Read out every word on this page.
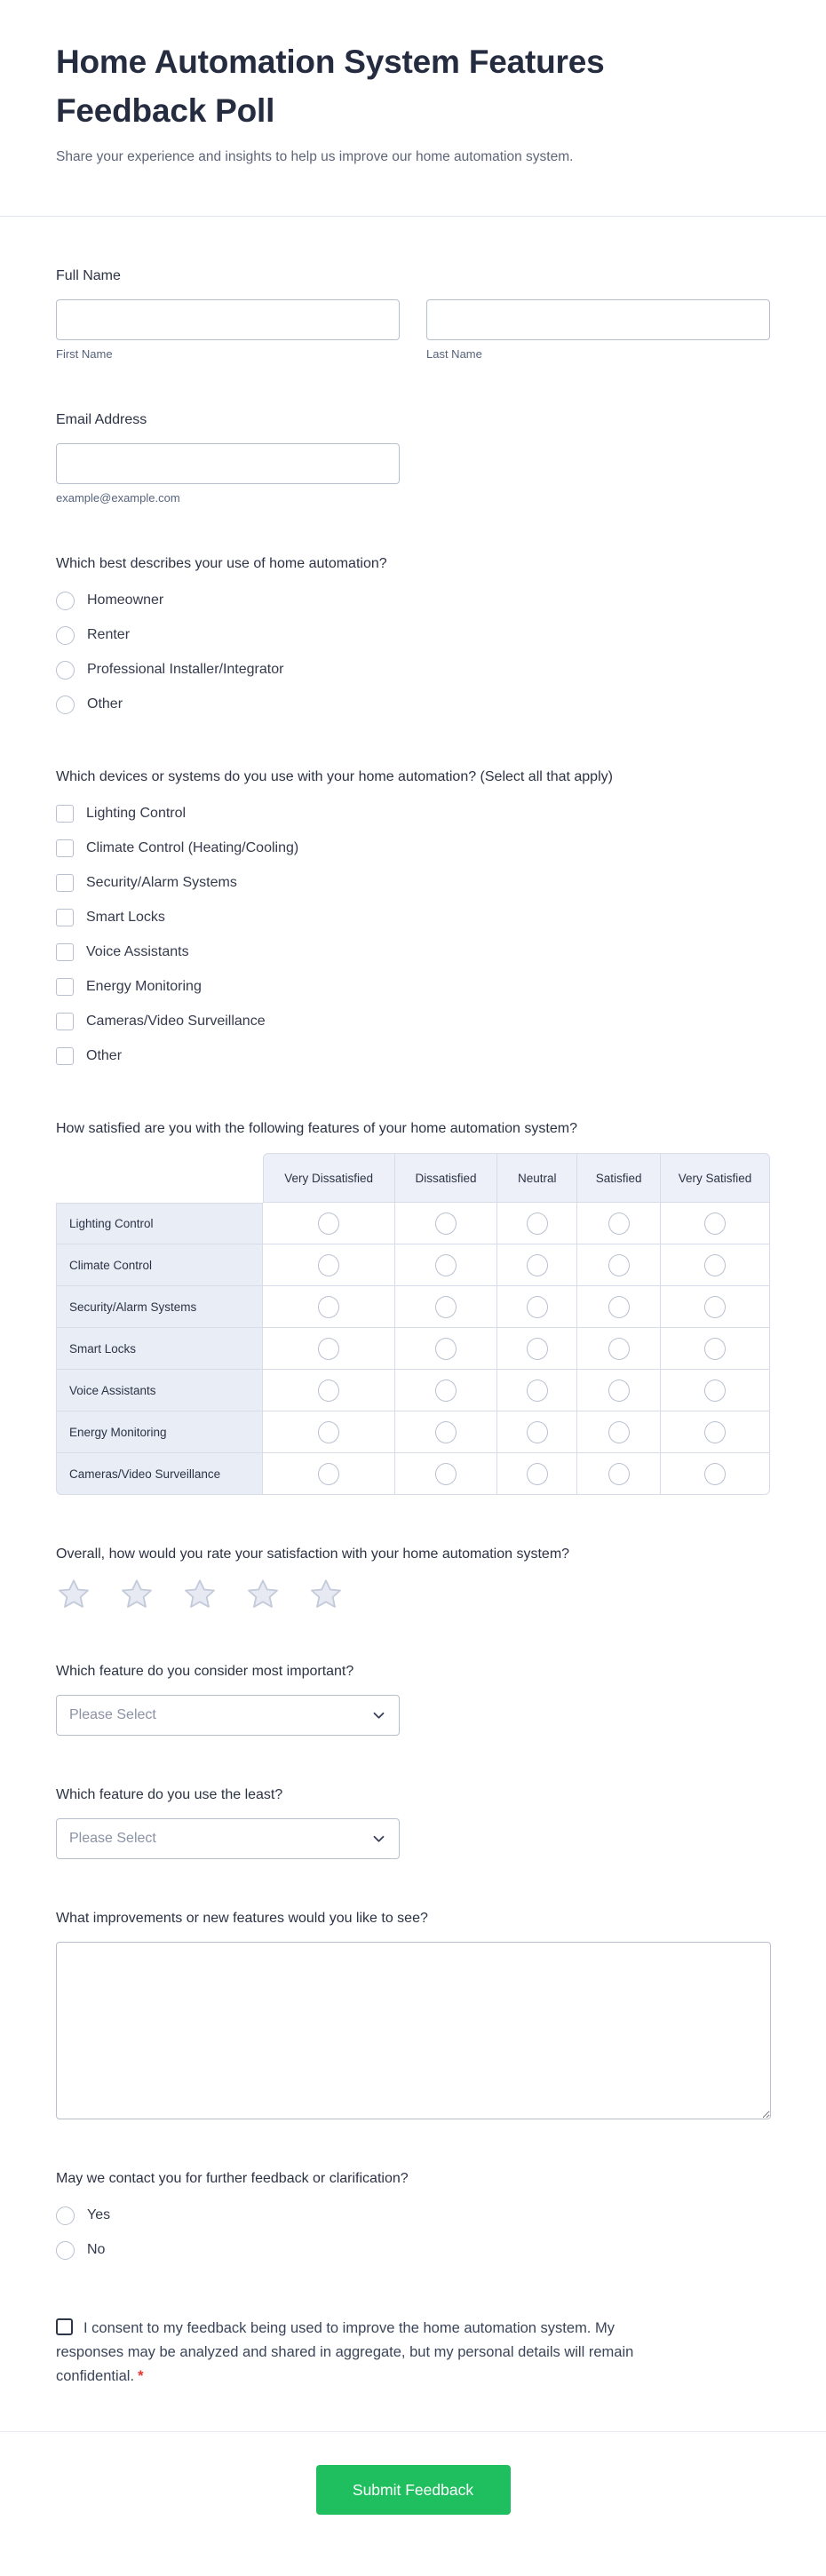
Home Automation System Features Feedback Poll

Share your experience and insights to help us improve our home automation system.

Full Name
First Name	Last Name
Email Address
example@example.com
Which best describes your use of home automation?
Homeowner
Renter
Professional Installer/Integrator
Other
Which devices or systems do you use with your home automation? (Select all that apply)
Lighting Control
Climate Control (Heating/Cooling)
Security/Alarm Systems
Smart Locks
Voice Assistants
Energy Monitoring
Cameras/Video Surveillance
Other
How satisfied are you with the following features of your home automation system?
	Very Dissatisfied	Dissatisfied	Neutral	Satisfied	Very Satisfied
Lighting Control					
Climate Control					
Security/Alarm Systems					
Smart Locks					
Voice Assistants					
Energy Monitoring					
Cameras/Video Surveillance					
Overall, how would you rate your satisfaction with your home automation system?
Which feature do you consider most important?
Please Select
Which feature do you use the least?
Please Select
What improvements or new features would you like to see?
May we contact you for further feedback or clarification?
Yes
No

I consent to my feedback being used to improve the home automation system. My responses may be analyzed and shared in aggregate, but my personal details will remain confidential. *

Submit Feedback
